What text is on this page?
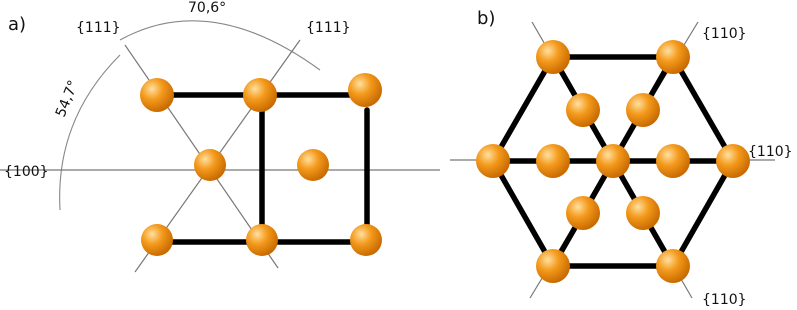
a)	{111}	{111}
70,6°
54,7°
{100}
b)
{110}
{110}
{110}
